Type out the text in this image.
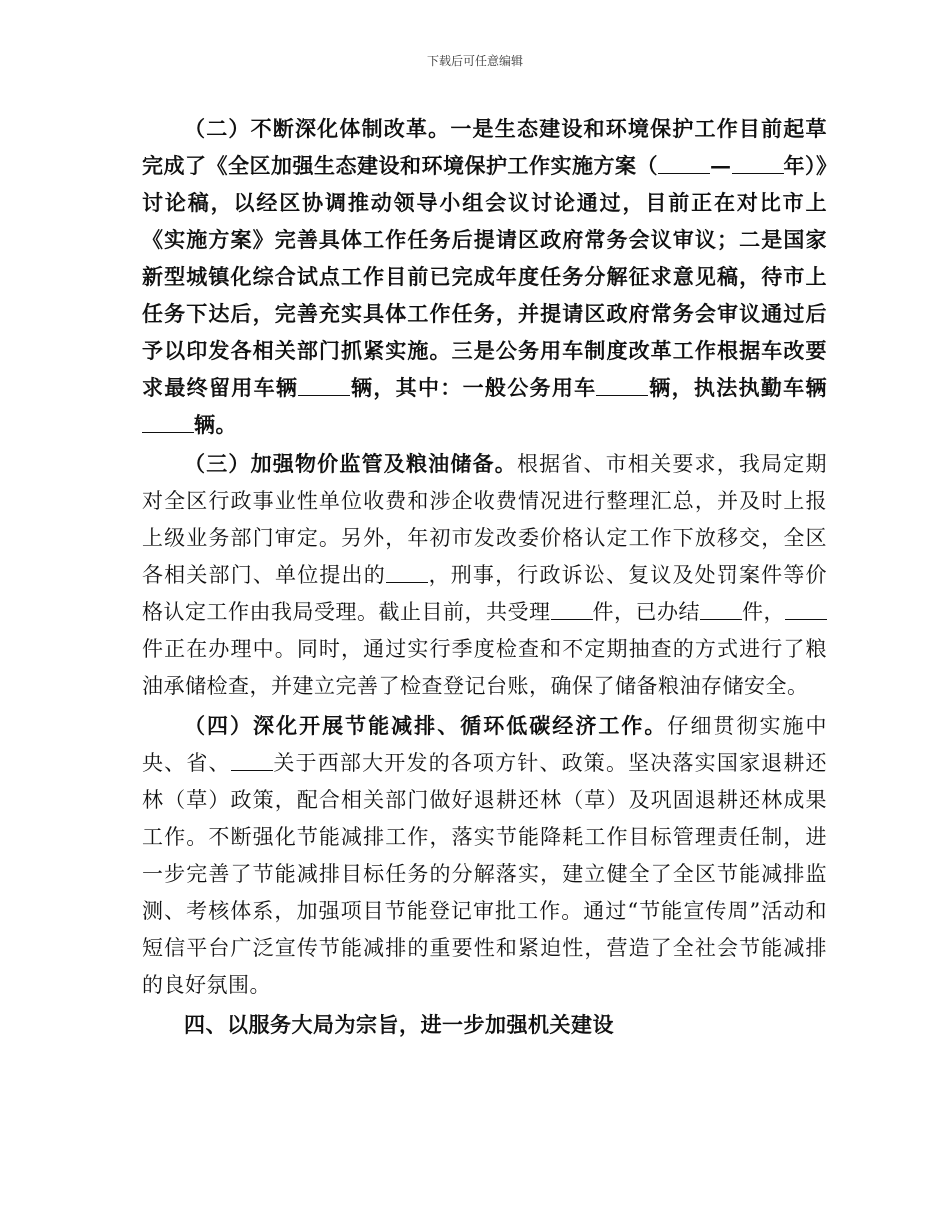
下载后可任意编辑

（二）不断深化体制改革。一是生态建设和环境保护工作目前起草完成了《全区加强生态建设和环境保护工作实施方案（ — 年）》讨论稿，以经区协调推动领导小组会议讨论通过，目前正在对比市上《实施方案》完善具体工作任务后提请区政府常务会议审议；二是国家新型城镇化综合试点工作目前已完成年度任务分解征求意见稿，待市上任务下达后，完善充实具体工作任务，并提请区政府常务会审议通过后予以印发各相关部门抓紧实施。三是公务用车制度改革工作根据车改要求最终留用车辆 辆，其中：一般公务用车 辆，执法执勤车辆辆。

（三）加强物价监管及粮油储备。根据省、市相关要求，我局定期对全区行政事业性单位收费和涉企收费情况进行整理汇总，并及时上报上级业务部门审定。另外，年初市发改委价格认定工作下放移交，全区各相关部门、单位提出的 ，刑事，行政诉讼、复议及处罚案件等价格认定工作由我局受理。截止目前，共受理 件，已办结 件，件正在办理中。同时，通过实行季度检查和不定期抽查的方式进行了粮油承储检查，并建立完善了检查登记台账，确保了储备粮油存储安全。

（四）深化开展节能减排、循环低碳经济工作。仔细贯彻实施中央、省、 关于西部大开发的各项方针、政策。坚决落实国家退耕还林（草）政策，配合相关部门做好退耕还林（草）及巩固退耕还林成果工作。不断强化节能减排工作，落实节能降耗工作目标管理责任制，进一步完善了节能减排目标任务的分解落实，建立健全了全区节能减排监测、考核体系，加强项目节能登记审批工作。通过“节能宣传周”活动和短信平台广泛宣传节能减排的重要性和紧迫性，营造了全社会节能减排的良好氛围。

四、以服务大局为宗旨，进一步加强机关建设
